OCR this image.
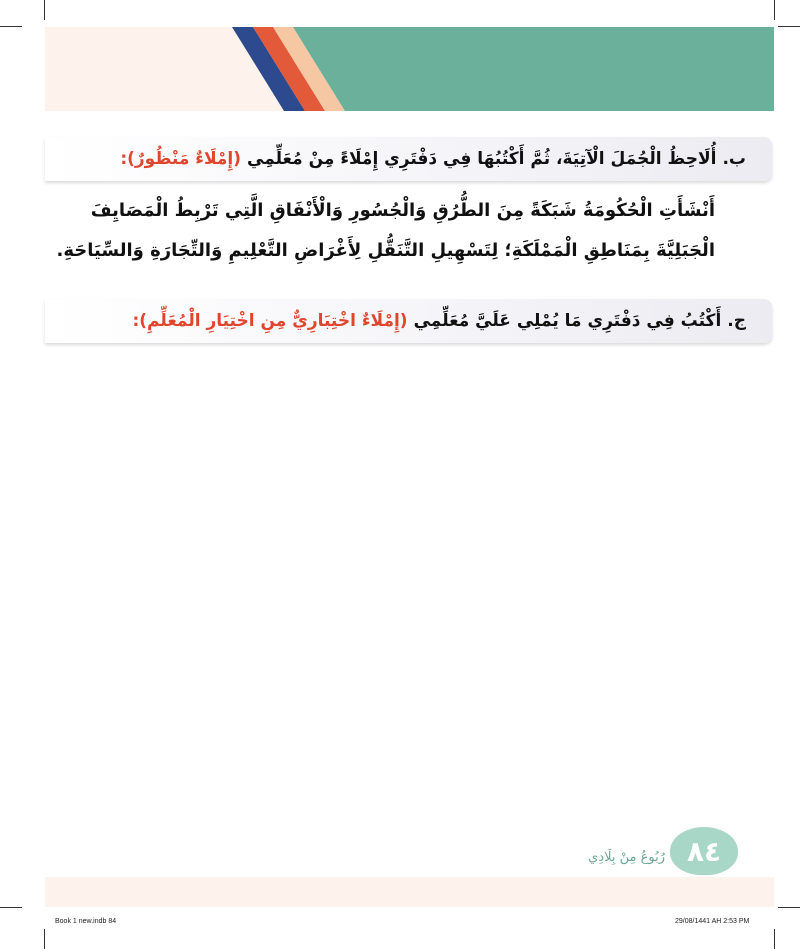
ب.
أُلَاحِظُ الْجُمَلَ الْآتِيَةَ، ثُمَّ أَكْتُبُهَا فِي دَفْتَرِي إِمْلَاءً مِنْ مُعَلِّمِي
(إِمْلَاءٌ مَنْظُورٌ):
أَنْشَأَتِ الْحُكُومَةُ شَبَكَةً مِنَ الطُّرُقِ وَالْجُسُورِ وَالْأَنْفَاقِ الَّتِي تَرْبِطُ الْمَصَايِفَ
الْجَبَلِيَّةَ بِمَنَاطِقِ الْمَمْلَكَةِ؛ لِتَسْهِيلِ التَّنَقُّلِ لِأَغْرَاضِ التَّعْلِيمِ وَالتِّجَارَةِ وَالسِّيَاحَةِ.
ج.
أَكْتُبُ فِي دَفْتَرِي مَا يُمْلِي عَلَيَّ مُعَلِّمِي
(إِمْلَاءٌ اخْتِبَارِيٌّ مِنِ اخْتِيَارِ الْمُعَلِّمِ):
رُبُوعُ مِنْ بِلَادِي ٨٤
Book 1 new.indb 84	29/08/1441 AH 2:53 PM
